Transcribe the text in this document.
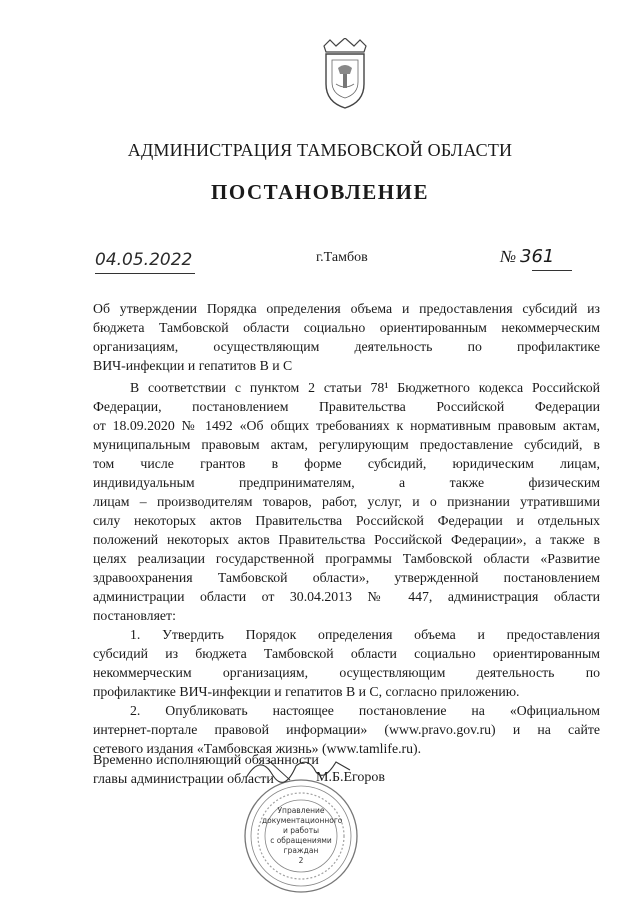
АДМИНИСТРАЦИЯ ТАМБОВСКОЙ ОБЛАСТИ
ПОСТАНОВЛЕНИЕ
04.05.2022	г.Тамбов	№ 361
Об утверждении Порядка определения объема и предоставления субсидий из
бюджета Тамбовской области социально ориентированным некоммерческим
организациям, осуществляющим деятельность по профилактике
ВИЧ-инфекции и гепатитов В и С
В соответствии с пунктом 2 статьи 78¹ Бюджетного кодекса Российской
Федерации, постановлением Правительства Российской Федерации
от 18.09.2020 № 1492 «Об общих требованиях к нормативным правовым актам,
муниципальным правовым актам, регулирующим предоставление субсидий, в
том числе грантов в форме субсидий, юридическим лицам,
индивидуальным предпринимателям, а также физическим
лицам – производителям товаров, работ, услуг, и о признании утратившими
силу некоторых актов Правительства Российской Федерации и отдельных
положений некоторых актов Правительства Российской Федерации», а также в
целях реализации государственной программы Тамбовской области «Развитие
здравоохранения Тамбовской области», утвержденной постановлением
администрации области от 30.04.2013 № 447, администрация области
постановляет:
1. Утвердить Порядок определения объема и предоставления
субсидий из бюджета Тамбовской области социально ориентированным
некоммерческим организациям, осуществляющим деятельность по
профилактике ВИЧ-инфекции и гепатитов В и С, согласно приложению.
2. Опубликовать настоящее постановление на «Официальном
интернет-портале правовой информации» (www.pravo.gov.ru) и на сайте
сетевого издания «Тамбовская жизнь» (www.tamlife.ru).
Управление
документационного
и работы
с обращениями
граждан
2
Временно исполняющий обязанности
главы администрации области	М.Б.Егоров
